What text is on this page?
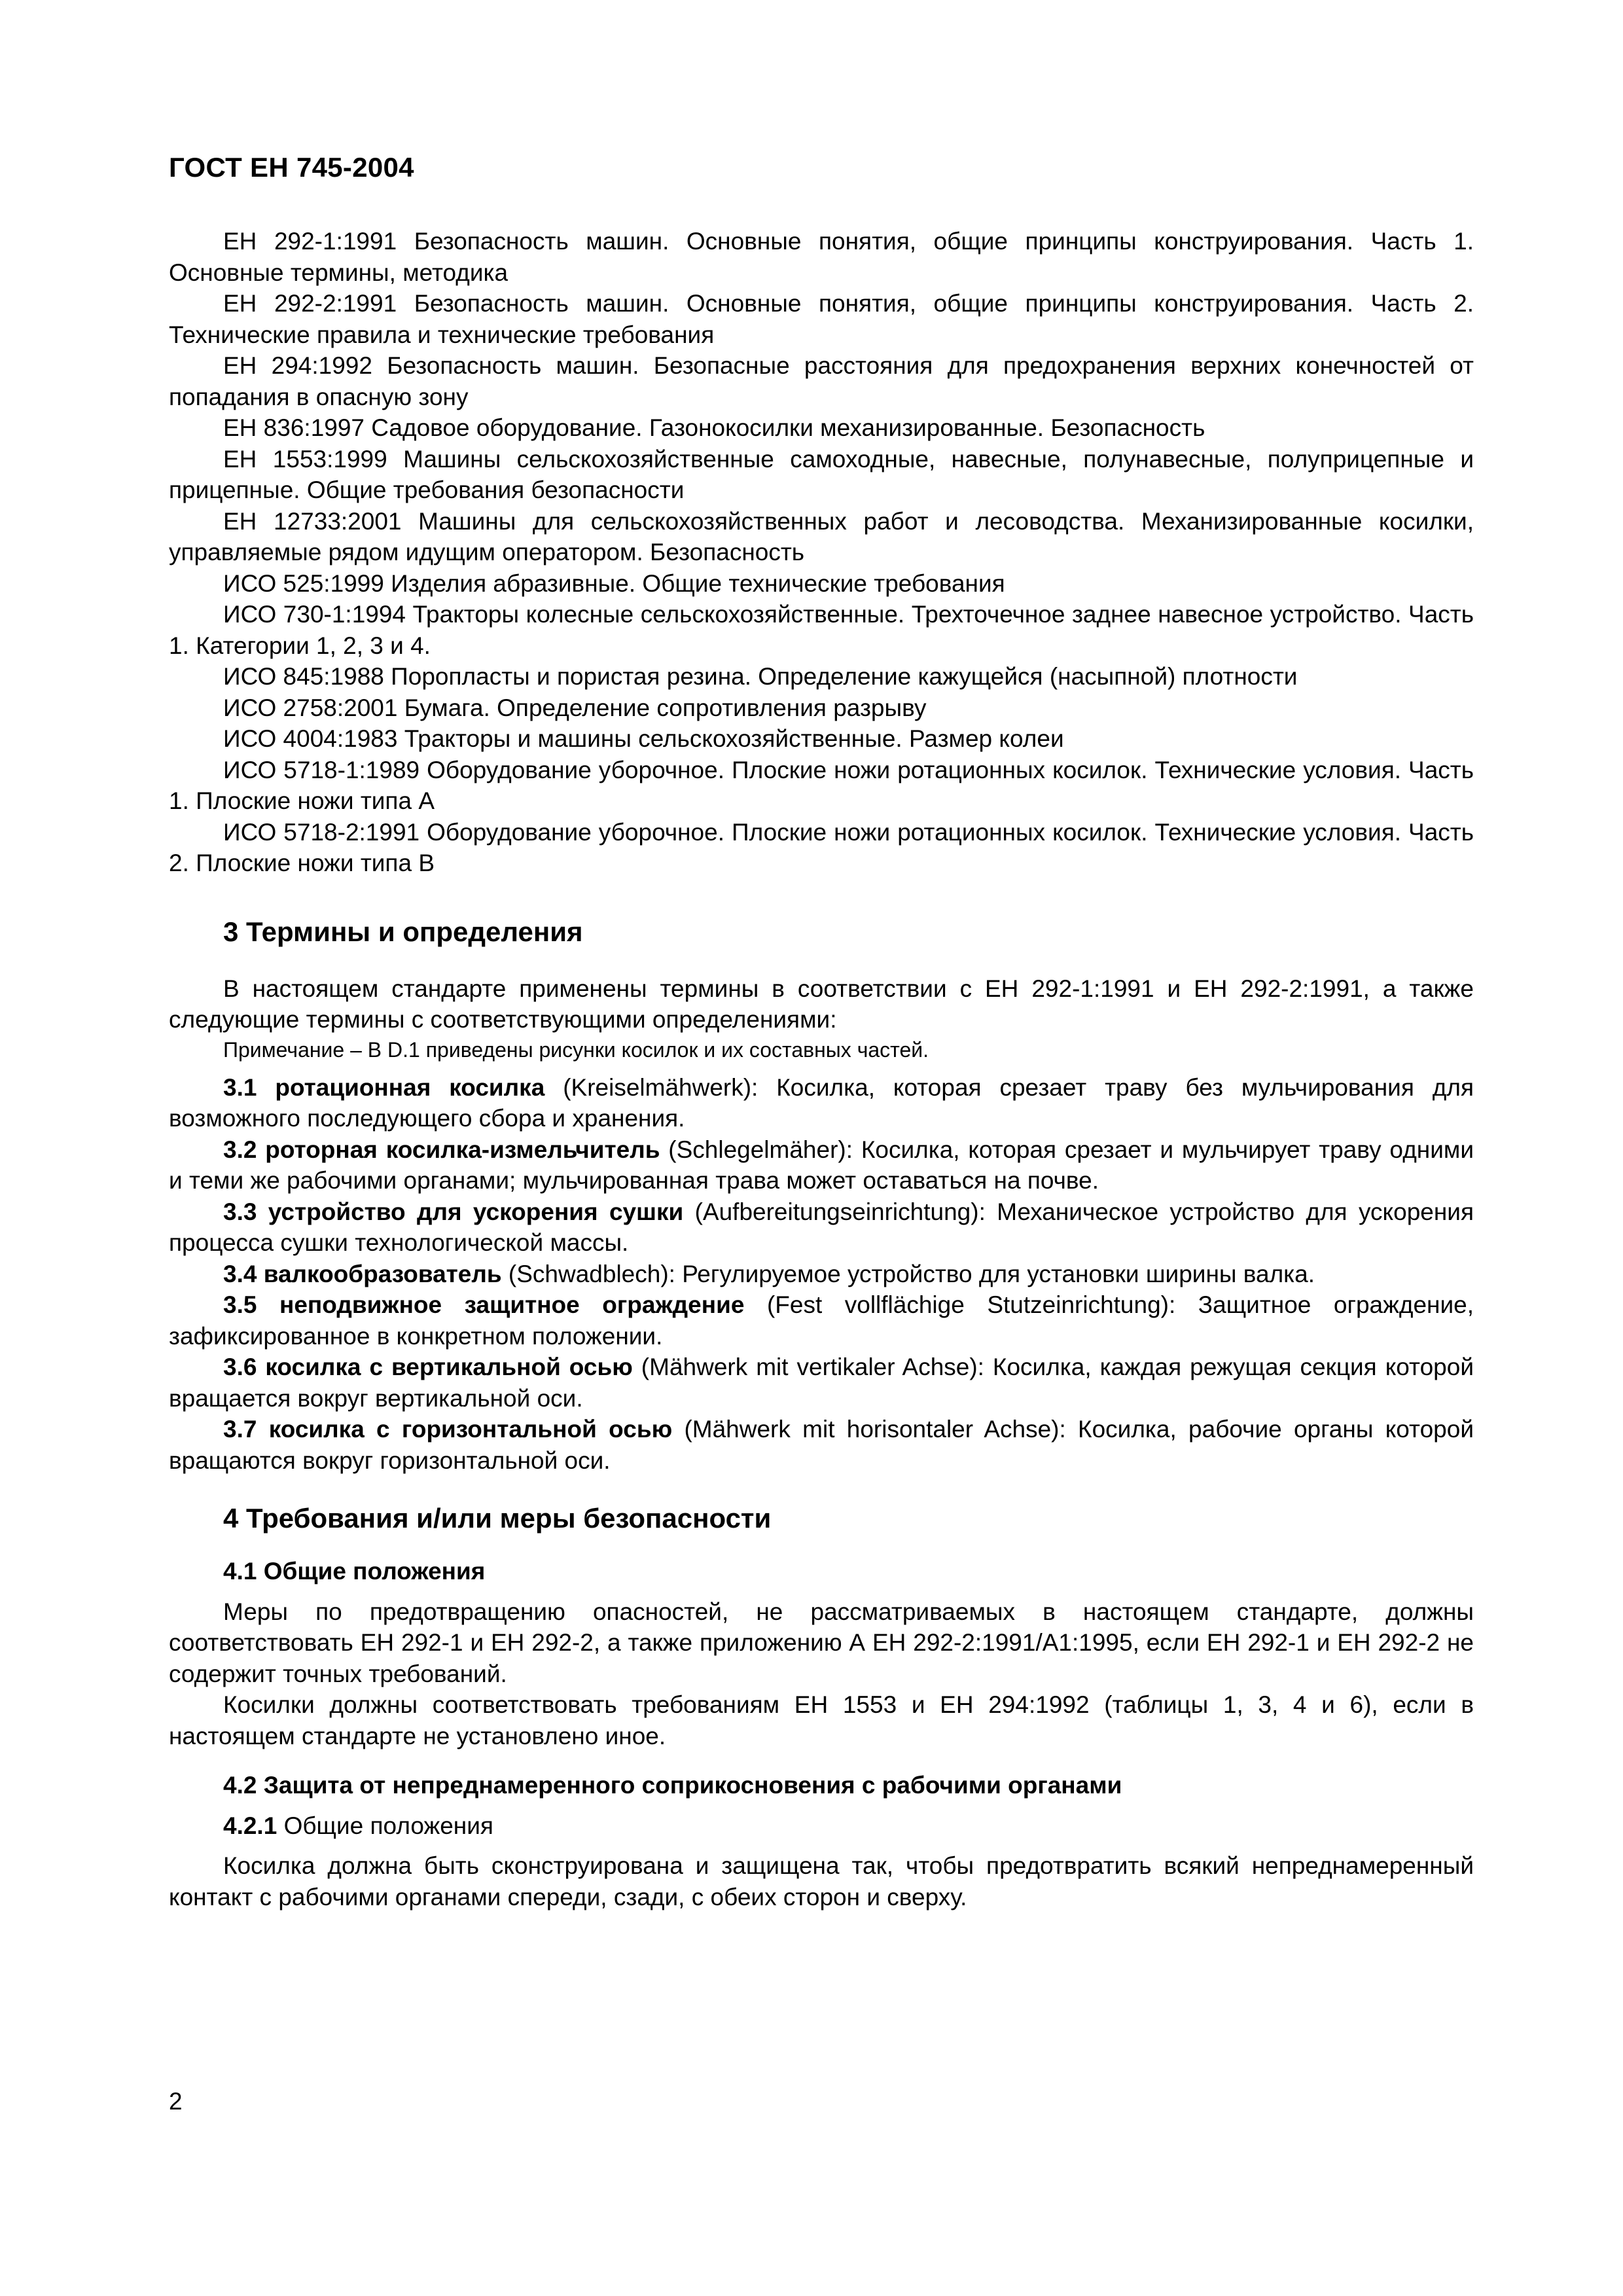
ГОСТ ЕН 745-2004

ЕН 292-1:1991 Безопасность машин. Основные понятия, общие принципы конструирования. Часть 1. Основные термины, методика

ЕН 292-2:1991 Безопасность машин. Основные понятия, общие принципы конструирования. Часть 2. Технические правила и технические требования

ЕН 294:1992 Безопасность машин. Безопасные расстояния для предохранения верхних конечностей от попадания в опасную зону

ЕН 836:1997 Садовое оборудование. Газонокосилки механизированные. Безопасность

ЕН 1553:1999 Машины сельскохозяйственные самоходные, навесные, полунавесные, полуприцепные и прицепные. Общие требования безопасности

ЕН 12733:2001 Машины для сельскохозяйственных работ и лесоводства. Механизированные косилки, управляемые рядом идущим оператором. Безопасность

ИСО 525:1999 Изделия абразивные. Общие технические требования

ИСО 730-1:1994 Тракторы колесные сельскохозяйственные. Трехточечное заднее навесное устройство. Часть 1. Категории 1, 2, 3 и 4.

ИСО 845:1988 Поропласты и пористая резина. Определение кажущейся (насыпной) плотности

ИСО 2758:2001 Бумага. Определение сопротивления разрыву

ИСО 4004:1983 Тракторы и машины сельскохозяйственные. Размер колеи

ИСО 5718-1:1989 Оборудование уборочное. Плоские ножи ротационных косилок. Технические условия. Часть 1. Плоские ножи типа А

ИСО 5718-2:1991 Оборудование уборочное. Плоские ножи ротационных косилок. Технические условия. Часть 2. Плоские ножи типа В

3 Термины и определения

В настоящем стандарте применены термины в соответствии с ЕН 292-1:1991 и ЕН 292-2:1991, а также следующие термины с соответствующими определениями:

Примечание – В D.1 приведены рисунки косилок и их составных частей.

3.1 ротационная косилка (Kreiselmähwerk): Косилка, которая срезает траву без мульчирования для возможного последующего сбора и хранения.

3.2 роторная косилка-измельчитель (Schlegelmäher): Косилка, которая срезает и мульчирует траву одними и теми же рабочими органами; мульчированная трава может оставаться на почве.

3.3 устройство для ускорения сушки (Aufbereitungseinrichtung): Механическое устройство для ускорения процесса сушки технологической массы.

3.4 валкообразователь (Schwadblech): Регулируемое устройство для установки ширины валка.

3.5 неподвижное защитное ограждение (Fest vollflächige Stutzeinrichtung): Защитное ограждение, зафиксированное в конкретном положении.

3.6 косилка с вертикальной осью (Mähwerk mit vertikaler Achse): Косилка, каждая режущая секция которой вращается вокруг вертикальной оси.

3.7 косилка с горизонтальной осью (Mähwerk mit horisontaler Achse): Косилка, рабочие органы которой вращаются вокруг горизонтальной оси.

4 Требования и/или меры безопасности
4.1 Общие положения

Меры по предотвращению опасностей, не рассматриваемых в настоящем стандарте, должны соответствовать ЕН 292-1 и ЕН 292-2, а также приложению А ЕН 292-2:1991/А1:1995, если ЕН 292-1 и ЕН 292-2 не содержит точных требований.

Косилки должны соответствовать требованиям ЕН 1553 и ЕН 294:1992 (таблицы 1, 3, 4 и 6), если в настоящем стандарте не установлено иное.

4.2 Защита от непреднамеренного соприкосновения с рабочими органами
4.2.1 Общие положения

Косилка должна быть сконструирована и защищена так, чтобы предотвратить всякий непреднамеренный контакт с рабочими органами спереди, сзади, с обеих сторон и сверху.

2
